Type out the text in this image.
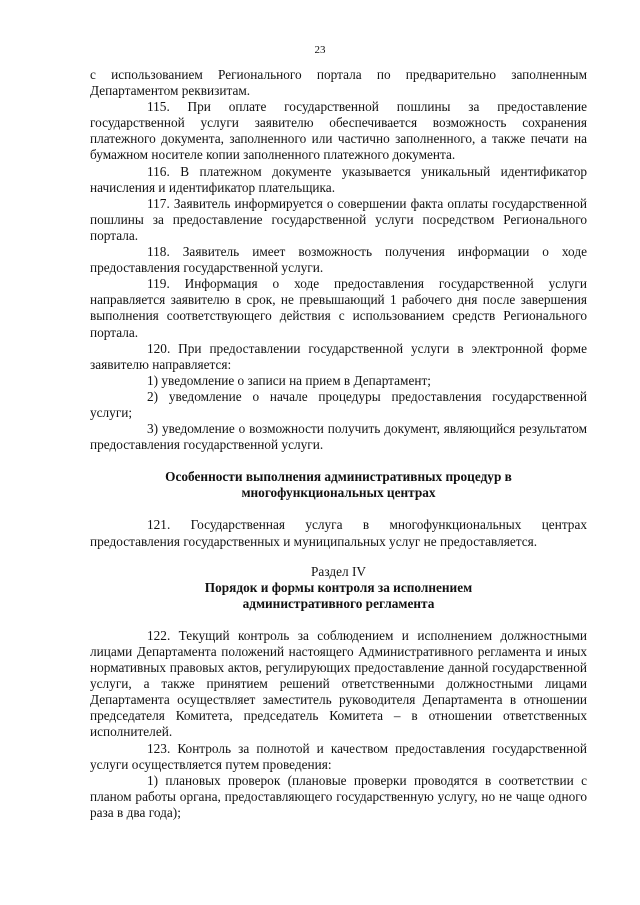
23

с использованием Регионального портала по предварительно заполненным Департаментом реквизитам.

115. При оплате государственной пошлины за предоставление государственной услуги заявителю обеспечивается возможность сохранения платежного документа, заполненного или частично заполненного, а также печати на бумажном носителе копии заполненного платежного документа.

116. В платежном документе указывается уникальный идентификатор начисления и идентификатор плательщика.

117. Заявитель информируется о совершении факта оплаты государственной пошлины за предоставление государственной услуги посредством Регионального портала.

118. Заявитель имеет возможность получения информации о ходе предоставления государственной услуги.

119. Информация о ходе предоставления государственной услуги направляется заявителю в срок, не превышающий 1 рабочего дня после завершения выполнения соответствующего действия с использованием средств Регионального портала.

120. При предоставлении государственной услуги в электронной форме заявителю направляется:

1) уведомление о записи на прием в Департамент;

2) уведомление о начале процедуры предоставления государственной услуги;

3) уведомление о возможности получить документ, являющийся результатом предоставления государственной услуги.

Особенности выполнения административных процедур в

многофункциональных центрах

121. Государственная услуга в многофункциональных центрах предоставления государственных и муниципальных услуг не предоставляется.

Раздел IV

Порядок и формы контроля за исполнением

административного регламента

122. Текущий контроль за соблюдением и исполнением должностными лицами Департамента положений настоящего Административного регламента и иных нормативных правовых актов, регулирующих предоставление данной государственной услуги, а также принятием решений ответственными должностными лицами Департамента осуществляет заместитель руководителя Департамента в отношении председателя Комитета, председатель Комитета – в отношении ответственных исполнителей.

123. Контроль за полнотой и качеством предоставления государственной услуги осуществляется путем проведения:

1) плановых проверок (плановые проверки проводятся в соответствии с планом работы органа, предоставляющего государственную услугу, но не чаще одного раза в два года);
